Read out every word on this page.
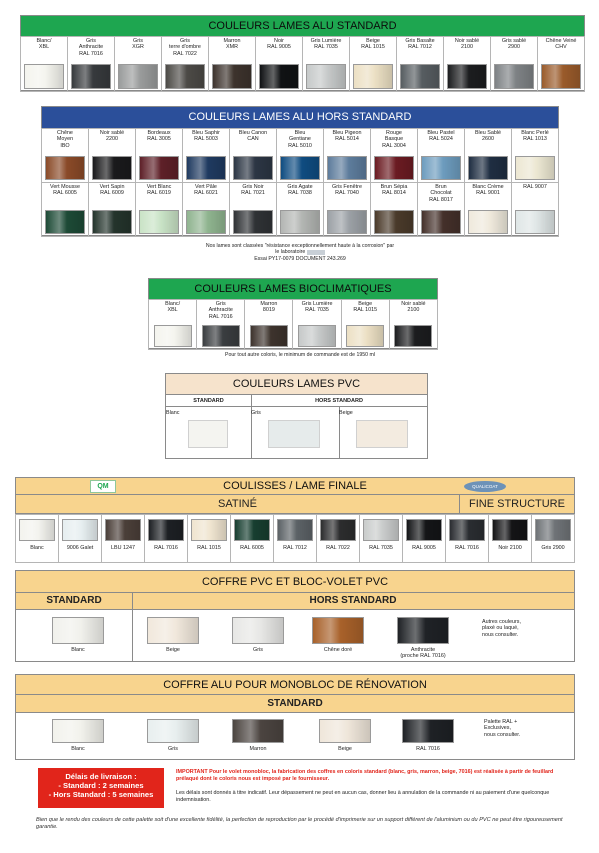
COULEURS LAMES ALU STANDARD
Blanc/
XBL

Gris
Anthracite
RAL 7016

Gris
XGR

Gris
terre d'ombre
RAL 7022

Marron
XMR

Noir
RAL 9005

Gris Lumière
RAL 7035

Beige
RAL 1015

Gris Basalte
RAL 7012

Noir sablé
2100

Gris sablé
2900

Chêne Veiné
CHV
COULEURS LAMES ALU HORS STANDARD
Chêne
Moyen
IBO

Noir sablé
2200

Bordeaux
RAL 3005

Bleu Saphir
RAL 5003

Bleu Canon
CAN

Bleu
Gentiane
RAL 5010

Bleu Pigeon
RAL 5014

Rouge
Basque
RAL 3004

Bleu Pastel
RAL 5024

Bleu Sablé
2600

Blanc Perlé
RAL 1013
Vert Mousse
RAL 6005

Vert Sapin
RAL 6009

Vert Blanc
RAL 6019

Vert Pâle
RAL 6021

Gris Noir
RAL 7021

Gris Agate
RAL 7038

Gris Fenêtre
RAL 7040

Brun Sépia
RAL 8014

Brun
Chocolat
RAL 8017

Blanc Crème
RAL 9001

RAL 9007
Nos lames sont classées "résistance exceptionnellement haute à la corrosion" par
le laboratoire
Essai PY17-0079 DOCUMENT 243.269
COULEURS LAMES BIOCLIMATIQUES
Blanc/
XBL

Gris
Anthracite
RAL 7016

Marron
8019

Gris Lumière
RAL 7035

Beige
RAL 1015

Noir sablé
2100
Pour tout autre coloris, le minimum de commande est de 1950 ml
COULEURS LAMES PVC
STANDARD	HORS STANDARD
Blanc	Gris	Beige
COULISSES / LAME FINALE
SATINÉ	FINE STRUCTURE
QM	QUALICOAT
Blanc	9006 Galet	LBU 1247	RAL 7016	RAL 1015	RAL 6005	RAL 7012	RAL 7022	RAL 7035	RAL 9005	RAL 7016	Noir 2100	Gris 2900
COFFRE PVC ET BLOC-VOLET PVC
STANDARD	HORS STANDARD
Blanc	Beige	Gris	Chêne doré	Anthracite
(proche RAL 7016)
Autres couleurs,
plaxé ou laqué,
nous consulter.
COFFRE ALU POUR MONOBLOC DE RÉNOVATION
STANDARD
Blanc	Gris	Marron	Beige	RAL 7016
Palette RAL +
Exclusives,
nous consulter.
Délais de livraison :
- Standard : 2 semaines
- Hors Standard : 5 semaines
IMPORTANT Pour le volet monobloc, la fabrication des coffres en coloris standard (blanc, gris, marron, beige, 7016) est réalisée à partir de feuillard prélaqué dont le coloris nous est imposé par le fournisseur.
Les délais sont donnés à titre indicatif. Leur dépassement ne peut en aucun cas, donner lieu à annulation de la commande ni au paiement d'une quelconque indemnisation.
Bien que le rendu des couleurs de cette palette soit d'une excellente fidélité, la perfection de reproduction par le procédé d'imprimerie sur un support différent de l'aluminium ou du PVC ne peut être rigoureusement garantie.
